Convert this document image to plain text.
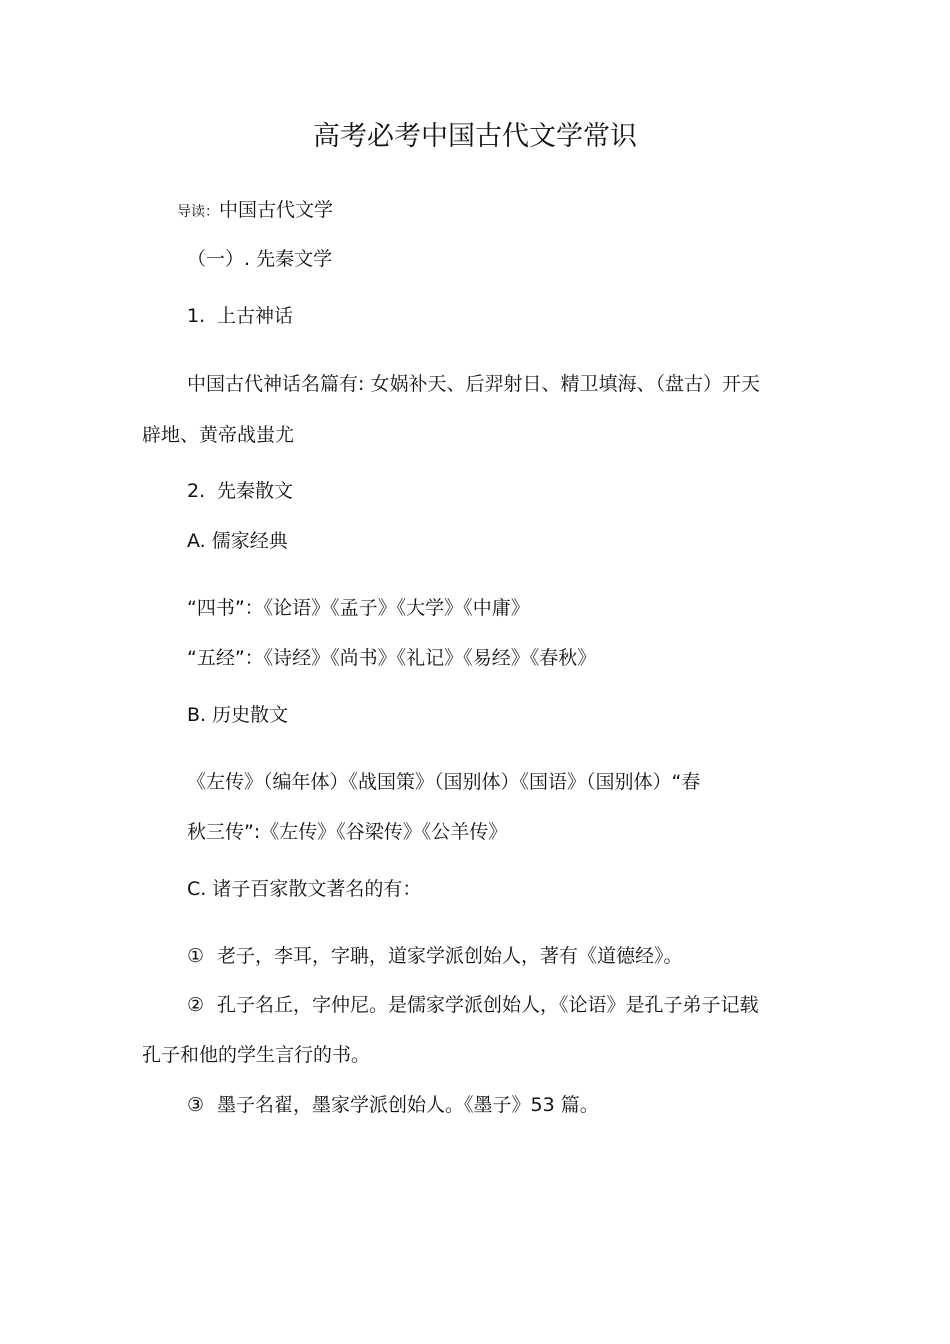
高考必考中国古代文学常识
导读：中国古代文学
（一）. 先秦文学
1. 上古神话
中国古代神话名篇有: 女娲补天、后羿射日、精卫填海、（盘古）开天
辟地、黄帝战蚩尤
2. 先秦散文
A. 儒家经典
“四书”：《论语》《孟子》《大学》《中庸》
“五经”：《诗经》《尚书》《礼记》《易经》《春秋》
B. 历史散文
《左传》（编年体）《战国策》（国别体）《国语》（国别体）“春
秋三传”:《左传》《谷梁传》《公羊传》
C. 诸子百家散文著名的有：
① 老子，李耳，字聃，道家学派创始人，著有《道德经》。
② 孔子名丘，字仲尼。是儒家学派创始人，《论语》是孔子弟子记载
孔子和他的学生言行的书。
③ 墨子名翟，墨家学派创始人。《墨子》53 篇。
